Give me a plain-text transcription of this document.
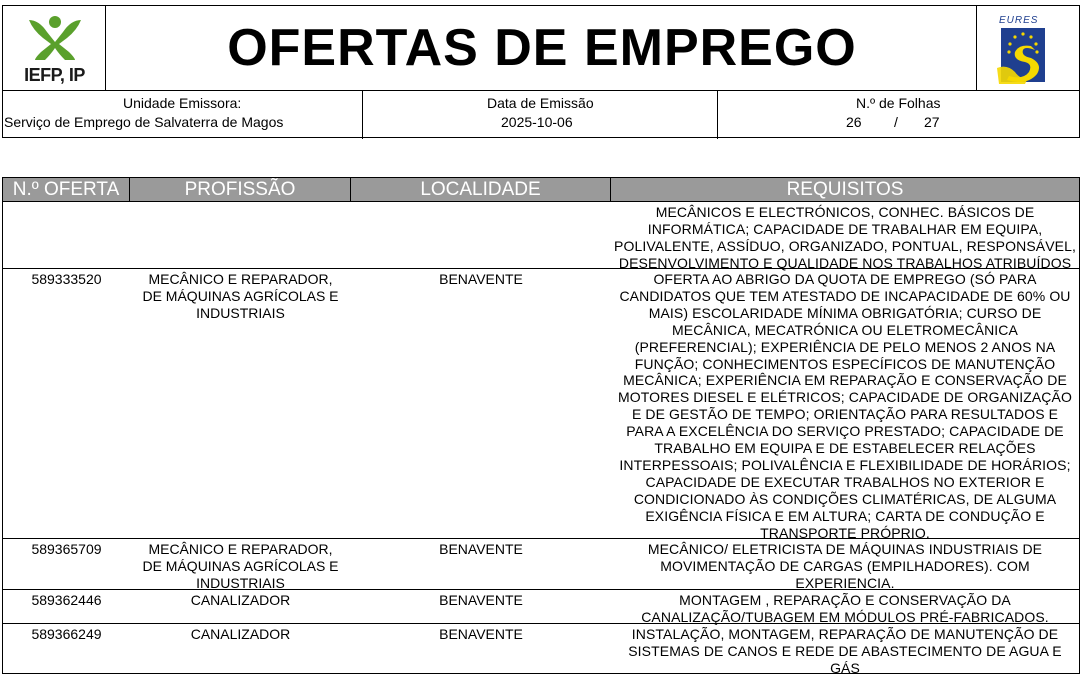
IEFP, IP	OFERTAS DE EMPREGO	EURES
Unidade Emissora:
Serviço de Emprego de Salvaterra de Magos
Data de Emissão
2025-10-06
N.º de Folhas
26 / 27
N.º OFERTA	PROFISSÃO	LOCALIDADE	REQUISITOS
MECÂNICOS E ELECTRÓNICOS, CONHEC. BÁSICOS DE
INFORMÁTICA; CAPACIDADE DE TRABALHAR EM EQUIPA,
POLIVALENTE, ASSÍDUO, ORGANIZADO, PONTUAL, RESPONSÁVEL,
DESENVOLVIMENTO E QUALIDADE NOS TRABALHOS ATRIBUÍDOS
589333520	MECÂNICO E REPARADOR,
DE MÁQUINAS AGRÍCOLAS E
INDUSTRIAIS
BENAVENTE	OFERTA AO ABRIGO DA QUOTA DE EMPREGO (SÓ PARA
CANDIDATOS QUE TEM ATESTADO DE INCAPACIDADE DE 60% OU
MAIS) ESCOLARIDADE MÍNIMA OBRIGATÓRIA; CURSO DE
MECÂNICA, MECATRÓNICA OU ELETROMECÂNICA
(PREFERENCIAL); EXPERIÊNCIA DE PELO MENOS 2 ANOS NA
FUNÇÃO; CONHECIMENTOS ESPECÍFICOS DE MANUTENÇÃO
MECÂNICA; EXPERIÊNCIA EM REPARAÇÃO E CONSERVAÇÃO DE
MOTORES DIESEL E ELÉTRICOS; CAPACIDADE DE ORGANIZAÇÃO
E DE GESTÃO DE TEMPO; ORIENTAÇÃO PARA RESULTADOS E
PARA A EXCELÊNCIA DO SERVIÇO PRESTADO; CAPACIDADE DE
TRABALHO EM EQUIPA E DE ESTABELECER RELAÇÕES
INTERPESSOAIS; POLIVALÊNCIA E FLEXIBILIDADE DE HORÁRIOS;
CAPACIDADE DE EXECUTAR TRABALHOS NO EXTERIOR E
CONDICIONADO ÀS CONDIÇÕES CLIMATÉRICAS, DE ALGUMA
EXIGÊNCIA FÍSICA E EM ALTURA; CARTA DE CONDUÇÃO E
TRANSPORTE PRÓPRIO.
589365709	MECÂNICO E REPARADOR,
DE MÁQUINAS AGRÍCOLAS E
INDUSTRIAIS
BENAVENTE	MECÂNICO/ ELETRICISTA DE MÁQUINAS INDUSTRIAIS DE
MOVIMENTAÇÃO DE CARGAS (EMPILHADORES). COM
EXPERIENCIA.
589362446	CANALIZADOR	BENAVENTE	MONTAGEM , REPARAÇÃO E CONSERVAÇÃO DA
CANALIZAÇÃO/TUBAGEM EM MÓDULOS PRÉ-FABRICADOS.
589366249	CANALIZADOR	BENAVENTE	INSTALAÇÃO, MONTAGEM, REPARAÇÃO DE MANUTENÇÃO DE
SISTEMAS DE CANOS E REDE DE ABASTECIMENTO DE AGUA E
GÁS
